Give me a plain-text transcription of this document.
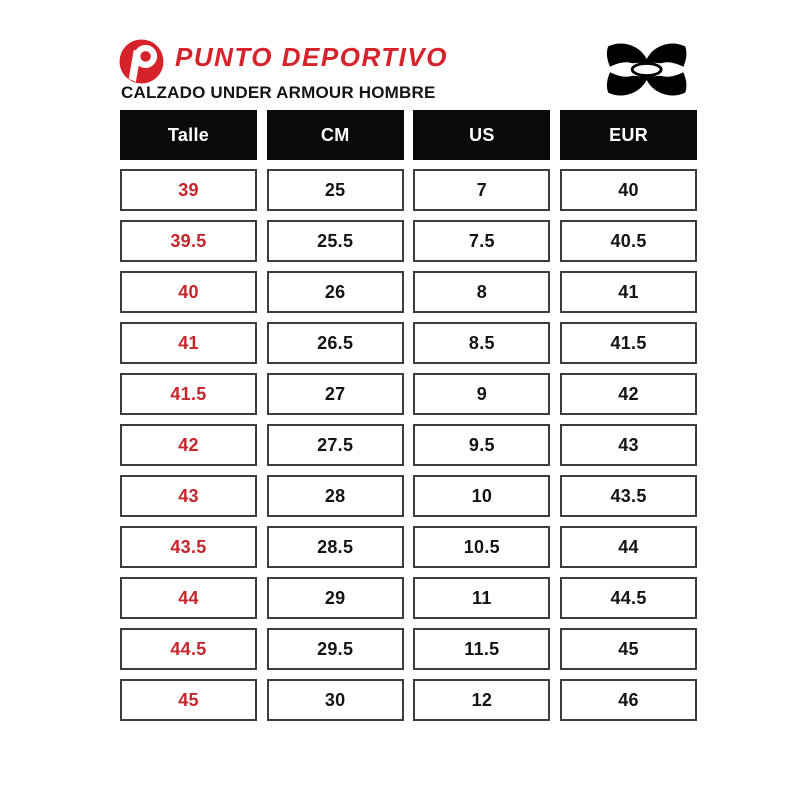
PUNTO DEPORTIVO
CALZADO UNDER ARMOUR HOMBRE
Talle	CM	US	EUR
39	25	7	40
39.5	25.5	7.5	40.5
40	26	8	41
41	26.5	8.5	41.5
41.5	27	9	42
42	27.5	9.5	43
43	28	10	43.5
43.5	28.5	10.5	44
44	29	11	44.5
44.5	29.5	11.5	45
45	30	12	46
